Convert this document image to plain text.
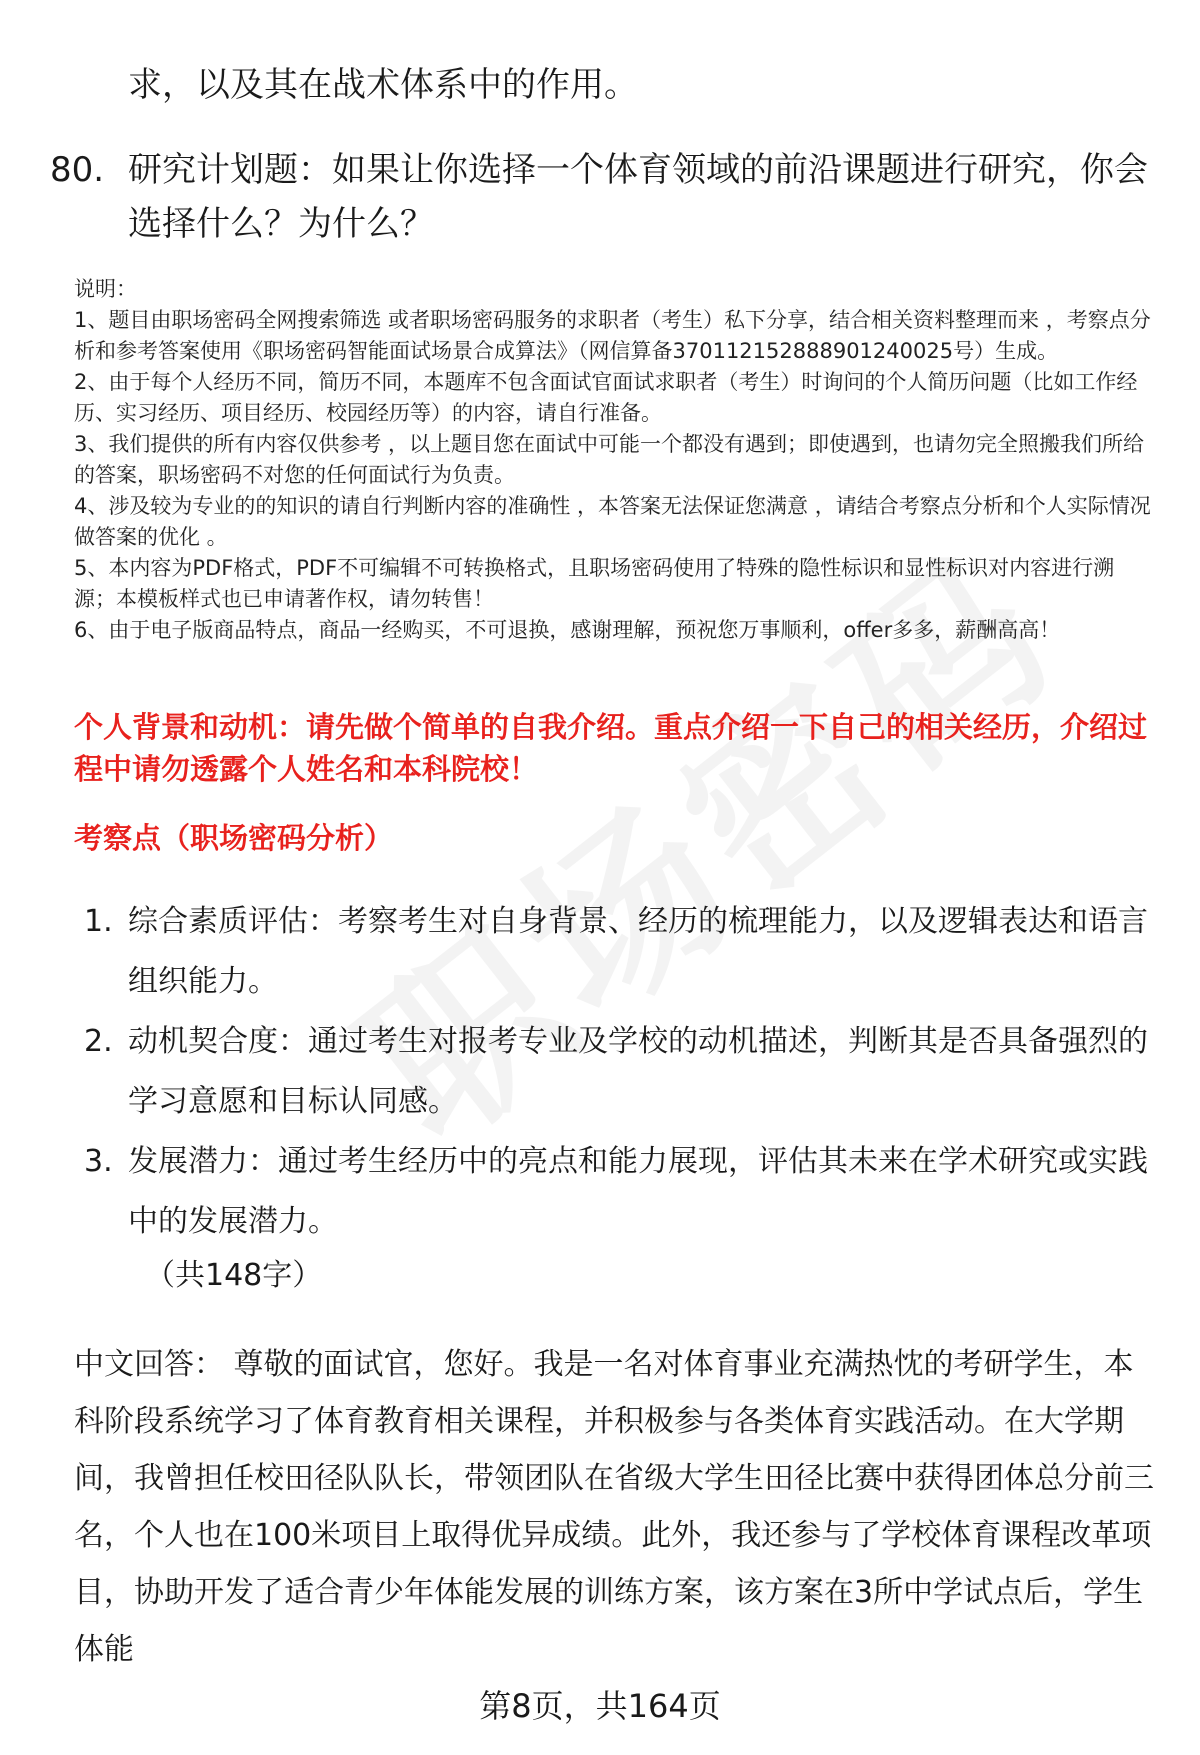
求，以及其在战术体系中的作用。
80. 研究计划题：如果让你选择一个体育领域的前沿课题进行研究，你会选择什么？为什么？

说明：

1、题目由职场密码全网搜索筛选 或者职场密码服务的求职者（考生）私下分享，结合相关资料整理而来 ，考察点分析和参考答案使用《职场密码智能面试场景合成算法》（网信算备370112152888901240025号）生成。

2、由于每个人经历不同，简历不同，本题库不包含面试官面试求职者（考生）时询问的个人简历问题（比如工作经历、实习经历、项目经历、校园经历等）的内容，请自行准备。

3、我们提供的所有内容仅供参考 ，以上题目您在面试中可能一个都没有遇到；即使遇到，也请勿完全照搬我们所给的答案，职场密码不对您的任何面试行为负责。

4、涉及较为专业的的知识的请自行判断内容的准确性 ，本答案无法保证您满意 ，请结合考察点分析和个人实际情况做答案的优化 。

5、本内容为PDF格式，PDF不可编辑不可转换格式，且职场密码使用了特殊的隐性标识和显性标识对内容进行溯源；本模板样式也已申请著作权，请勿转售！

6、由于电子版商品特点，商品一经购买，不可退换，感谢理解，预祝您万事顺利，offer多多，薪酬高高！

个人背景和动机：请先做个简单的自我介绍。重点介绍一下自己的相关经历，介绍过程中请勿透露个人姓名和本科院校！
考察点（职场密码分析）
1. 综合素质评估：考察考生对自身背景、经历的梳理能力，以及逻辑表达和语言组织能力。
2. 动机契合度：通过考生对报考专业及学校的动机描述，判断其是否具备强烈的学习意愿和目标认同感。
3. 发展潜力：通过考生经历中的亮点和能力展现，评估其未来在学术研究或实践中的发展潜力。
（共148字）
中文回答： 尊敬的面试官，您好。我是一名对体育事业充满热忱的考研学生，本科阶段系统学习了体育教育相关课程，并积极参与各类体育实践活动。在大学期间，我曾担任校田径队队长，带领团队在省级大学生田径比赛中获得团体总分前三名，个人也在100米项目上取得优异成绩。此外，我还参与了学校体育课程改革项目，协助开发了适合青少年体能发展的训练方案，该方案在3所中学试点后，学生体能
第8页，共164页
